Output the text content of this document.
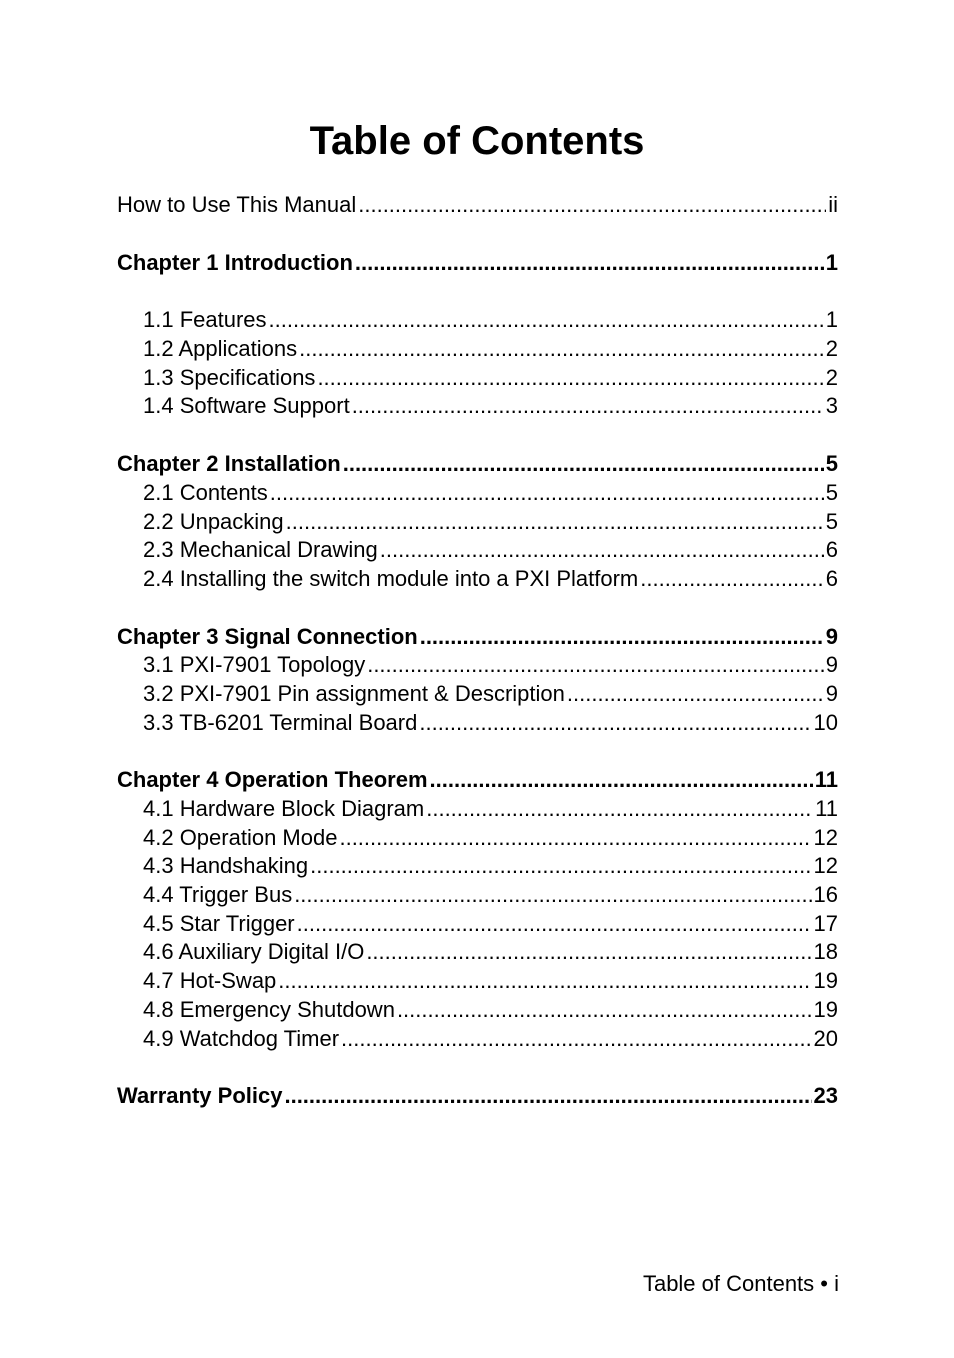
Table of Contents
How to Use This Manual .....	ii
Chapter 1 Introduction .....	1
1.1 Features .....	1
1.2 Applications .....	2
1.3 Specifications .....	2
1.4 Software Support .....	3
Chapter 2 Installation .....	5
2.1 Contents .....	5
2.2 Unpacking .....	5
2.3 Mechanical Drawing .....	6
2.4 Installing the switch module into a PXI Platform .....	6
Chapter 3 Signal Connection .....	9
3.1 PXI-7901 Topology .....	9
3.2 PXI-7901 Pin assignment & Description .....	9
3.3 TB-6201 Terminal Board .....	10
Chapter 4 Operation Theorem .....	11
4.1 Hardware Block Diagram .....	11
4.2 Operation Mode .....	12
4.3 Handshaking .....	12
4.4 Trigger Bus .....	16
4.5 Star Trigger .....	17
4.6 Auxiliary Digital I/O .....	18
4.7 Hot-Swap .....	19
4.8 Emergency Shutdown .....	19
4.9 Watchdog Timer .....	20
Warranty Policy .....	23
Table of Contents • i
